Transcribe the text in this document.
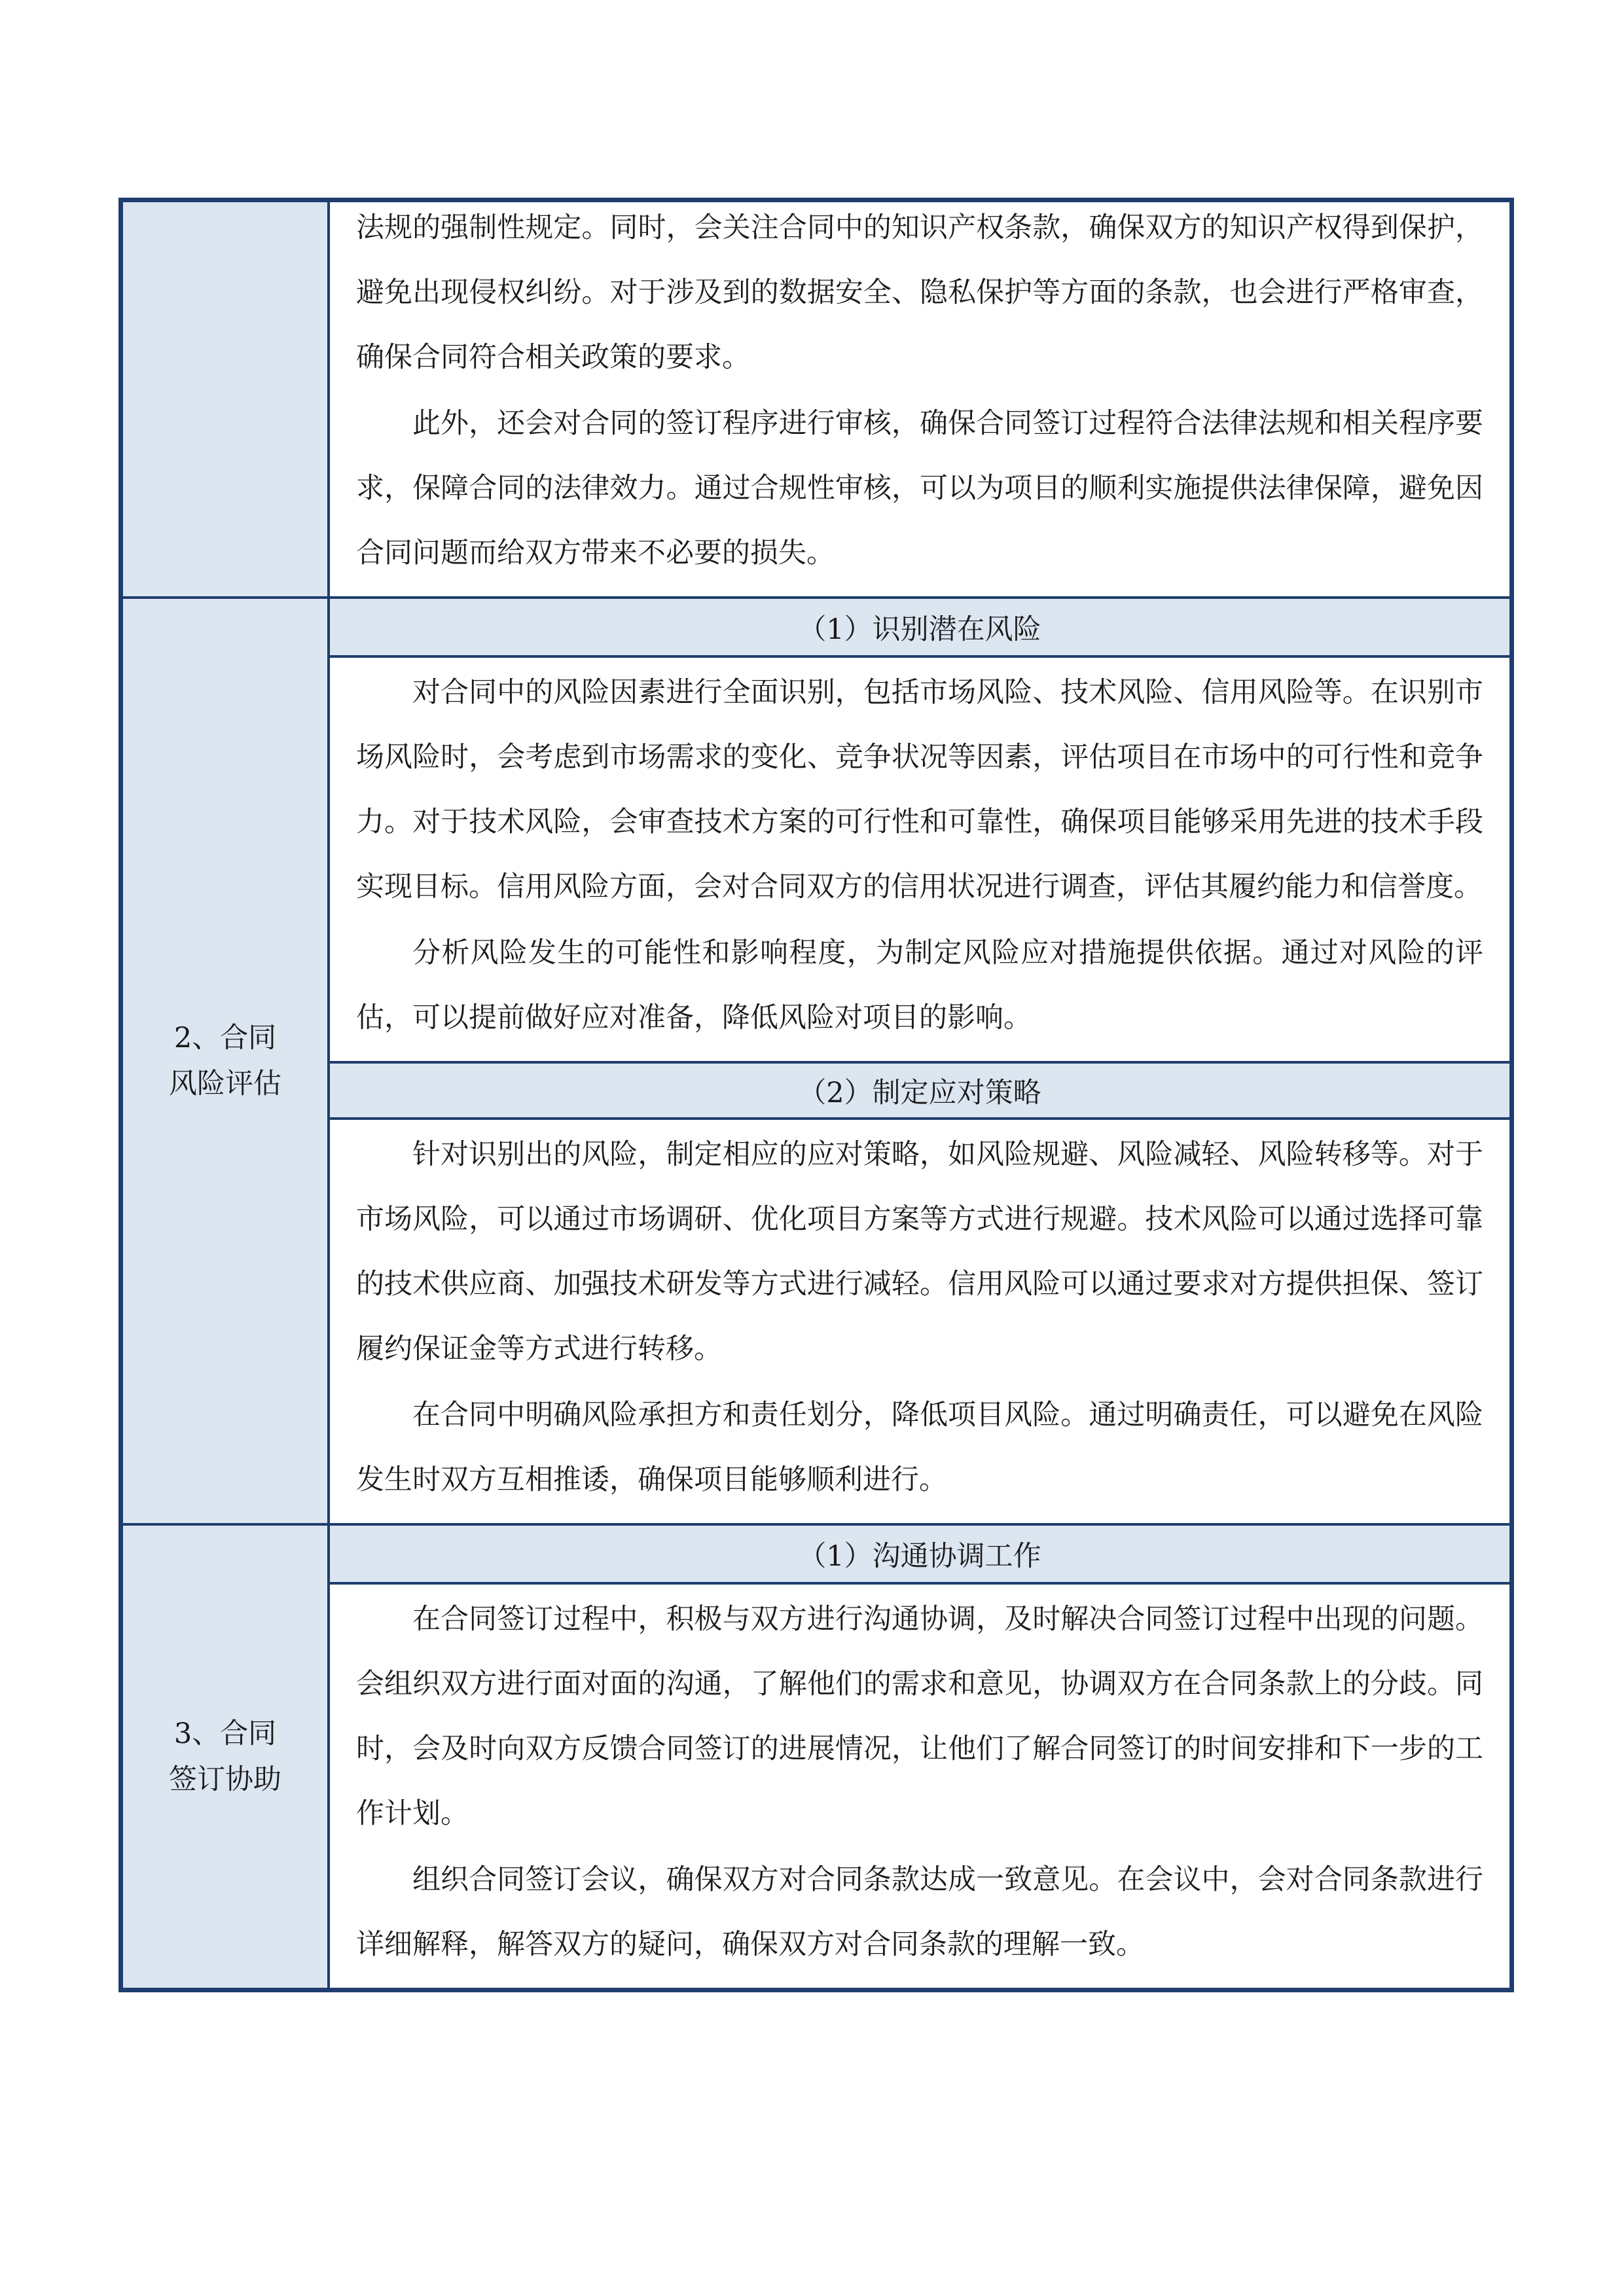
法规的强制性规定。同时，会关注合同中的知识产权条款，确保双方的知识产权得到保护，避免出现侵权纠纷。对于涉及到的数据安全、隐私保护等方面的条款，也会进行严格审查，确保合同符合相关政策的要求。

此外，还会对合同的签订程序进行审核，确保合同签订过程符合法律法规和相关程序要求，保障合同的法律效力。通过合规性审核，可以为项目的顺利实施提供法律保障，避免因合同问题而给双方带来不必要的损失。

2、合同风险评估
（1）识别潜在风险

对合同中的风险因素进行全面识别，包括市场风险、技术风险、信用风险等。在识别市场风险时，会考虑到市场需求的变化、竞争状况等因素，评估项目在市场中的可行性和竞争力。对于技术风险，会审查技术方案的可行性和可靠性，确保项目能够采用先进的技术手段实现目标。信用风险方面，会对合同双方的信用状况进行调查，评估其履约能力和信誉度。

分析风险发生的可能性和影响程度，为制定风险应对措施提供依据。通过对风险的评估，可以提前做好应对准备，降低风险对项目的影响。

（2）制定应对策略

针对识别出的风险，制定相应的应对策略，如风险规避、风险减轻、风险转移等。对于市场风险，可以通过市场调研、优化项目方案等方式进行规避。技术风险可以通过选择可靠的技术供应商、加强技术研发等方式进行减轻。信用风险可以通过要求对方提供担保、签订履约保证金等方式进行转移。

在合同中明确风险承担方和责任划分，降低项目风险。通过明确责任，可以避免在风险发生时双方互相推诿，确保项目能够顺利进行。

3、合同签订协助
（1）沟通协调工作

在合同签订过程中，积极与双方进行沟通协调，及时解决合同签订过程中出现的问题。会组织双方进行面对面的沟通，了解他们的需求和意见，协调双方在合同条款上的分歧。同时，会及时向双方反馈合同签订的进展情况，让他们了解合同签订的时间安排和下一步的工作计划。

组织合同签订会议，确保双方对合同条款达成一致意见。在会议中，会对合同条款进行详细解释，解答双方的疑问，确保双方对合同条款的理解一致。
